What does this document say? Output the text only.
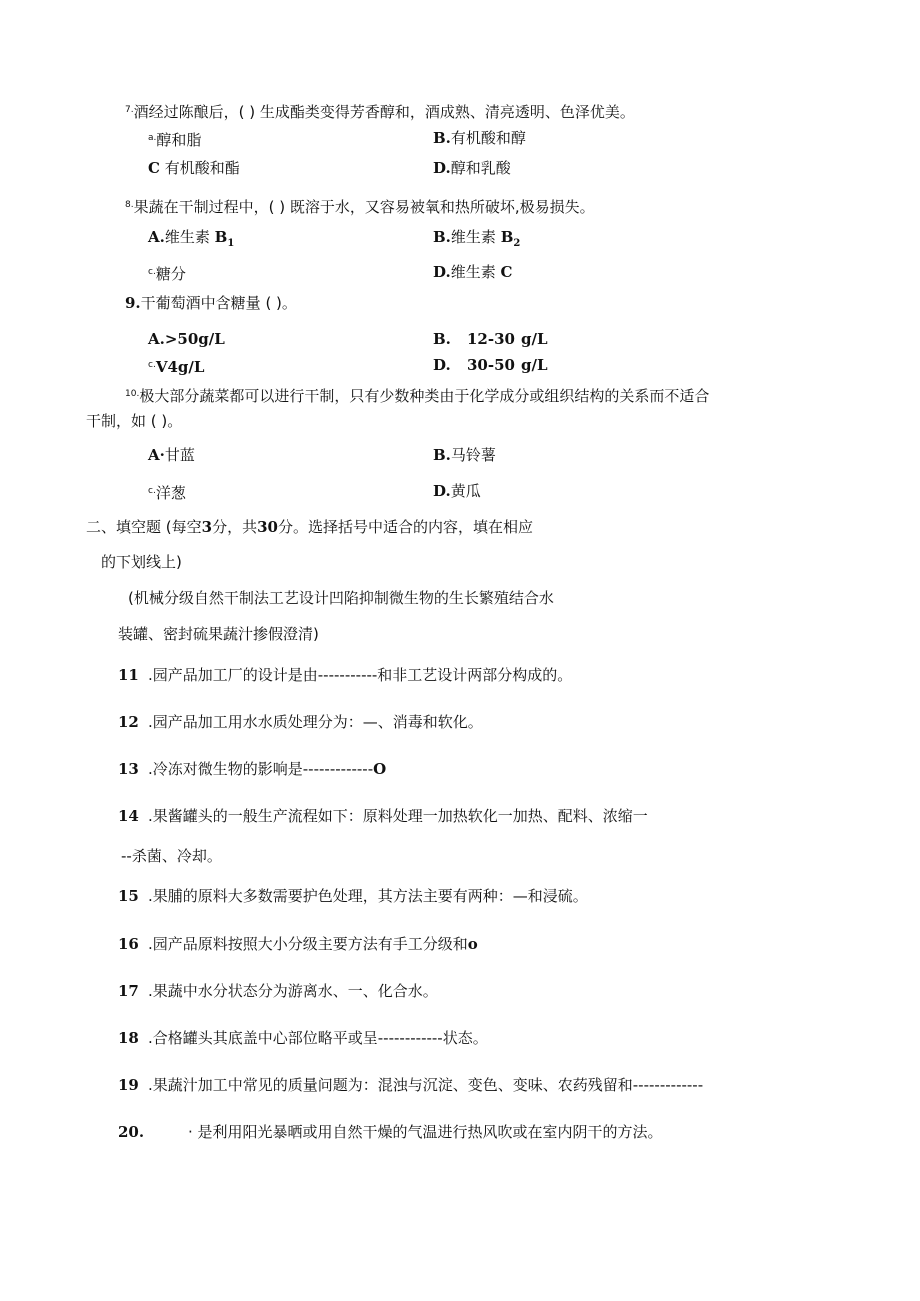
$^{7.}$酒经过陈酿后，( ) 生成酯类变得芳香醇和，酒成熟、清亮透明、色泽优美。
$^{a.}$醇和脂	B.有机酸和醇
C 有机酸和酯	D.醇和乳酸
$^{8.}$果蔬在干制过程中，( ) 既溶于水，又容易被氧和热所破坏,极易损失。
A.维生素 $B_1$	B.维生素 $B_2$
$^{c.}$糖分	D.维生素 C
9.干葡萄酒中含糖量 ( )。
A.>50g/L	B. 12-30 g/L
$^{c.}$V4g∕L	D. 30-50 g/L
$^{10.}$极大部分蔬菜都可以进行干制，只有少数种类由于化学成分或组织结构的关系而不适合
干制，如 ( )。
A·甘蓝	B.马铃薯
$^{c.}$洋葱	D.黄瓜
二、填空题 (每空3分，共30分。选择括号中适合的内容，填在相应
的下划线上)
(机械分级自然干制法工艺设计凹陷抑制微生物的生长繁殖结合水
装罐、密封硫果蔬汁掺假澄清)
11 .园产品加工厂的设计是由-----------和非工艺设计两部分构成的。
12 .园产品加工用水水质处理分为：—、消毒和软化。
13 .冷冻对微生物的影响是-------------O
14 .果酱罐头的一般生产流程如下：原料处理一加热软化一加热、配料、浓缩一
--杀菌、冷却。
15 .果脯的原料大多数需要护色处理，其方法主要有两种：—和浸硫。
16 .园产品原料按照大小分级主要方法有手工分级和o
17 .果蔬中水分状态分为游离水、一、化合水。
18 .合格罐头其底盖中心部位略平或呈------------状态。
19 .果蔬汁加工中常见的质量问题为：混浊与沉淀、变色、变味、农药残留和-------------
20.	· 是利用阳光暴晒或用自然干燥的气温进行热风吹或在室内阴干的方法。
